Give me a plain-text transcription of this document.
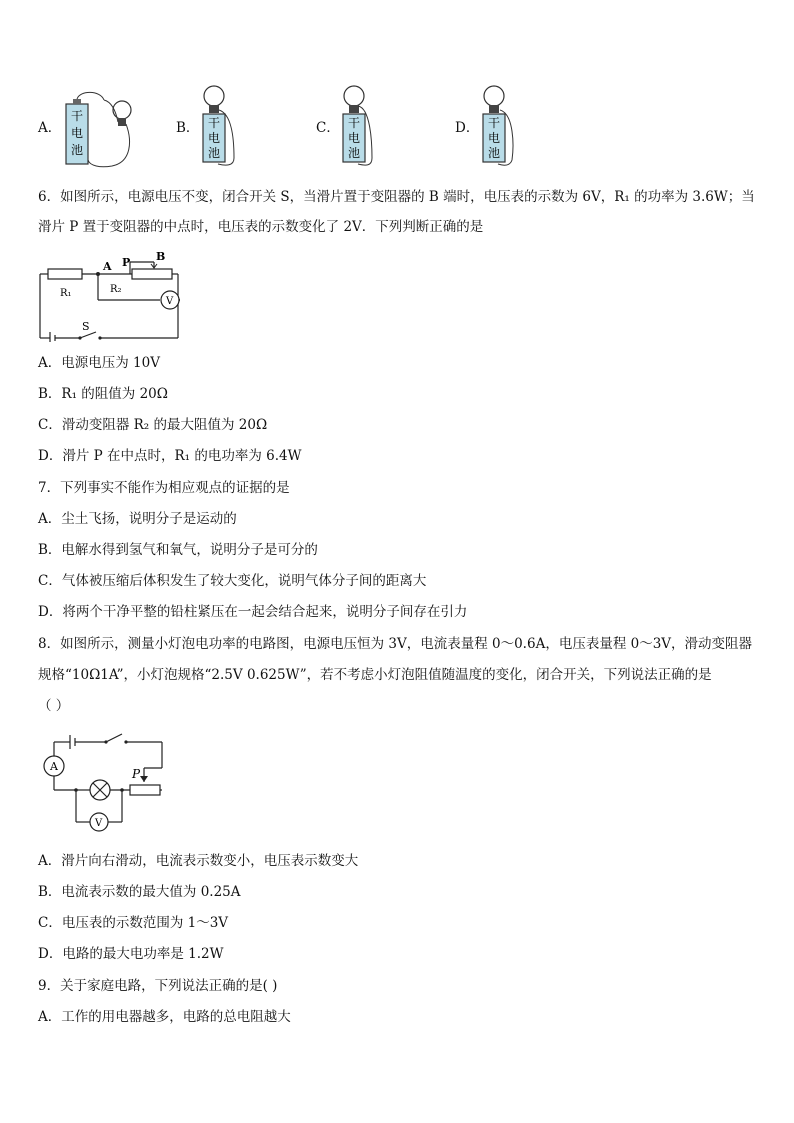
A．
干
电
池
B． 干
电
池
C． 干
电
池
D． 干
电
池
6．如图所示，电源电压不变，闭合开关 S，当滑片置于变阻器的 B 端时，电压表的示数为 6V，R₁ 的功率为 3.6W；当
滑片 P 置于变阻器的中点时，电压表的示数变化了 2V．下列判断正确的是
A P B
R₁	R₂
V
S
A．电源电压为 10V
B．R₁ 的阻值为 20Ω
C．滑动变阻器 R₂ 的最大阻值为 20Ω
D．滑片 P 在中点时，R₁ 的电功率为 6.4W
7．下列事实不能作为相应观点的证据的是
A．尘土飞扬，说明分子是运动的
B．电解水得到氢气和氧气，说明分子是可分的
C．气体被压缩后体积发生了较大变化，说明气体分子间的距离大
D．将两个干净平整的铅柱紧压在一起会结合起来，说明分子间存在引力
8．如图所示，测量小灯泡电功率的电路图，电源电压恒为 3V，电流表量程 0～0.6A，电压表量程 0～3V，滑动变阻器
规格“10Ω1A”，小灯泡规格“2.5V 0.625W”，若不考虑小灯泡阻值随温度的变化，闭合开关，下列说法正确的是
（ ）
A
V
P
A．滑片向右滑动，电流表示数变小，电压表示数变大
B．电流表示数的最大值为 0.25A
C．电压表的示数范围为 1～3V
D．电路的最大电功率是 1.2W
9．关于家庭电路，下列说法正确的是( )
A．工作的用电器越多，电路的总电阻越大
